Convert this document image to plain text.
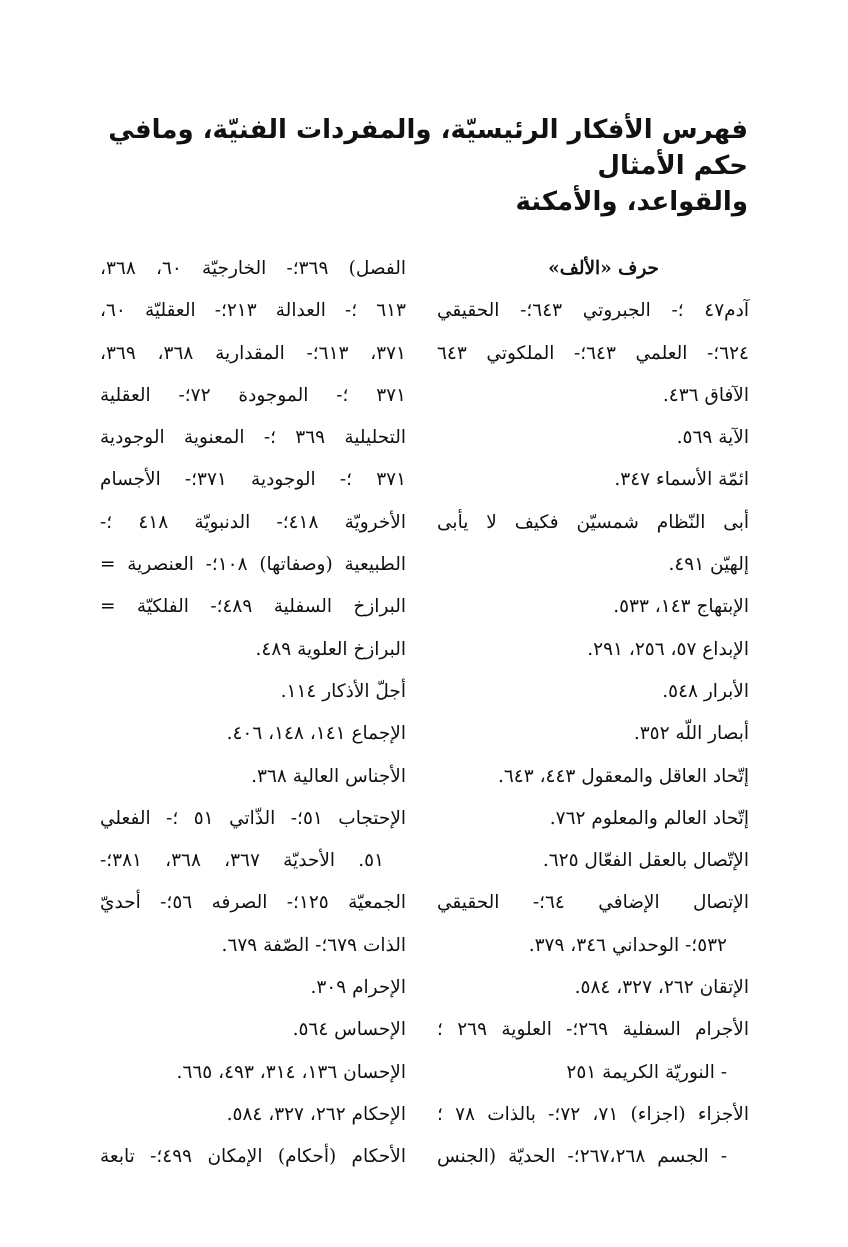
فهرس الأفكار الرئيسيّة، والمفردات الفنيّة، ومافي حكم الأمثال
والقواعد، والأمكنة
حرف «الألف»
آدم٤٧ ؛- الجبروتي ٦٤٣؛- الحقيقي
٦٢٤؛- العلمي ٦٤٣؛- الملكوتي ٦٤٣
الآفاق ٤٣٦.
الآية ٥٦٩.
ائمّة الأسماء ٣٤٧.
أبى النّظام شمسيّن فكيف لا يأبى
إلهيّن ٤٩١.
الإبتهاج ١٤٣، ٥٣٣.
الإبداع ٥٧، ٢٥٦، ٢٩١.
الأبرار ٥٤٨.
أبصار اللّه ٣٥٢.
إتّحاد العاقل والمعقول ٤٤٣، ٦٤٣.
إتّحاد العالم والمعلوم ٧٦٢.
الإتّصال بالعقل الفعّال ٦٢٥.
الإتصال الإضافي ٦٤؛- الحقيقي
٥٣٢؛- الوحداني ٣٤٦، ٣٧٩.
الإتقان ٢٦٢، ٣٢٧، ٥٨٤.
الأجرام السفلية ٢٦٩؛- العلوية ٢٦٩ ؛
- النوريّة الكريمة ٢٥١
الأجزاء (اجزاء) ٧١، ٧٢؛- بالذات ٧٨ ؛
- الجسم ٢٦٧،٢٦٨؛- الحديّة (الجنس
الفصل) ٣٦٩؛- الخارجيّة ٦٠، ٣٦٨،
٦١٣ ؛- العدالة ٢١٣؛- العقليّة ٦٠،
٣٧١، ٦١٣؛- المقدارية ٣٦٨، ٣٦٩،
٣٧١ ؛- الموجودة ٧٢؛- العقلية
التحليلية ٣٦٩ ؛- المعنوية الوجودية
٣٧١ ؛- الوجودية ٣٧١؛- الأجسام
الأخرويّة ٤١٨؛- الدنبويّة ٤١٨ ؛-
الطبيعية (وصفاتها) ١٠٨؛- العنصرية =
البرازخ السفلية ٤٨٩؛- الفلكيّة =
البرازخ العلوية ٤٨٩.
أجلّ الأذكار ١١٤.
الإجماع ١٤١، ١٤٨، ٤٠٦.
الأجناس العالية ٣٦٨.
الإحتجاب ٥١؛- الذّاتي ٥١ ؛- الفعلي
٥١. الأحديّة ٣٦٧، ٣٦٨، ٣٨١؛-
الجمعيّة ١٢٥؛- الصرفه ٥٦؛- أحديّ
الذات ٦٧٩؛- الصّفة ٦٧٩.
الإحرام ٣٠٩.
الإحساس ٥٦٤.
الإحسان ١٣٦، ٣١٤، ٤٩٣، ٦٦٥.
الإحكام ٢٦٢، ٣٢٧، ٥٨٤.
الأحكام (أحكام) الإمكان ٤٩٩؛- تابعة
